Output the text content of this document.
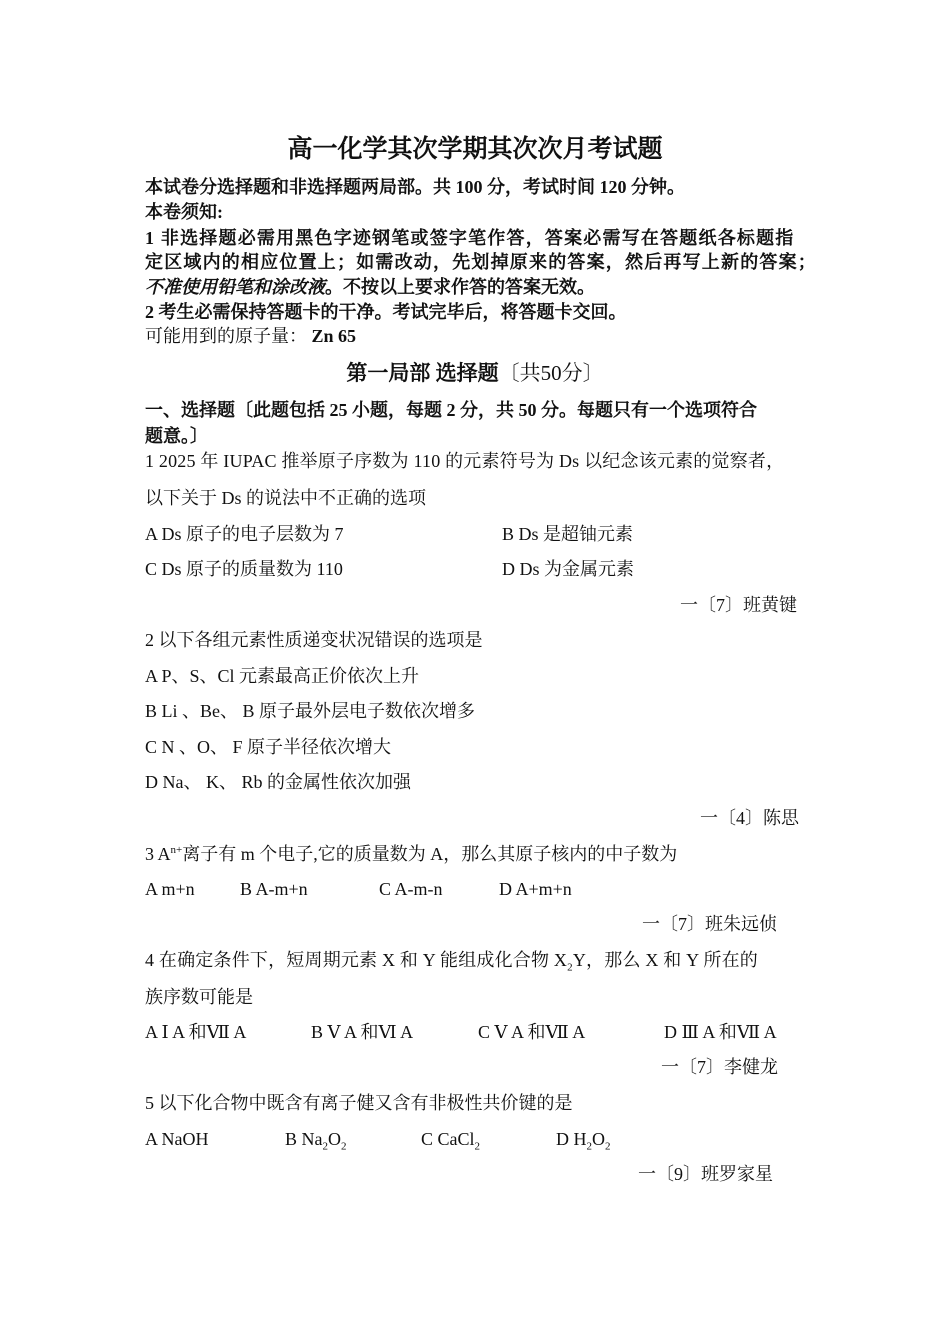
高一化学其次学期其次次月考试题
本试卷分选择题和非选择题两局部。共 100 分，考试时间 120 分钟。
本卷须知:
1 非选择题必需用黑色字迹钢笔或签字笔作答，答案必需写在答题纸各标题指
定区域内的相应位置上；如需改动，先划掉原来的答案，然后再写上新的答案；
不准使用铅笔和涂改液。不按以上要求作答的答案无效。
2 考生必需保持答题卡的干净。考试完毕后，将答题卡交回。
可能用到的原子量： Zn 65
第一局部 选择题〔共50分〕
一、选择题〔此题包括 25 小题，每题 2 分，共 50 分。每题只有一个选项符合
题意。〕
1 2025 年 IUPAC 推举原子序数为 110 的元素符号为 Ds 以纪念该元素的觉察者，
以下关于 Ds 的说法中不正确的选项
A Ds 原子的电子层数为 7	B Ds 是超铀元素
C Ds 原子的质量数为 110	D Ds 为金属元素
一〔7〕班黄键
2 以下各组元素性质递变状况错误的选项是
A P、S、Cl 元素最高正价依次上升
B Li 、Be、 B 原子最外层电子数依次增多
C N 、O、 F 原子半径依次增大
D Na、 K、 Rb 的金属性依次加强
一〔4〕陈思
3 $A^{n+}$离子有 m 个电子,它的质量数为 A，那么其原子核内的中子数为
A m+n	B A-m+n	C A-m-n	D A+m+n
一〔7〕班朱远侦
4 在确定条件下，短周期元素 X 和 Y 能组成化合物 $X_2Y$，那么 X 和 Y 所在的
族序数可能是
A Ⅰ A 和Ⅶ A	B Ⅴ A 和Ⅵ A	C Ⅴ A 和Ⅶ A	D Ⅲ A 和Ⅶ A
一〔7〕李健龙
5 以下化合物中既含有离子健又含有非极性共价键的是
A NaOH	B $Na_2O_2$	C CaCl$_2$	D $H_2O_2$
一〔9〕班罗家星
